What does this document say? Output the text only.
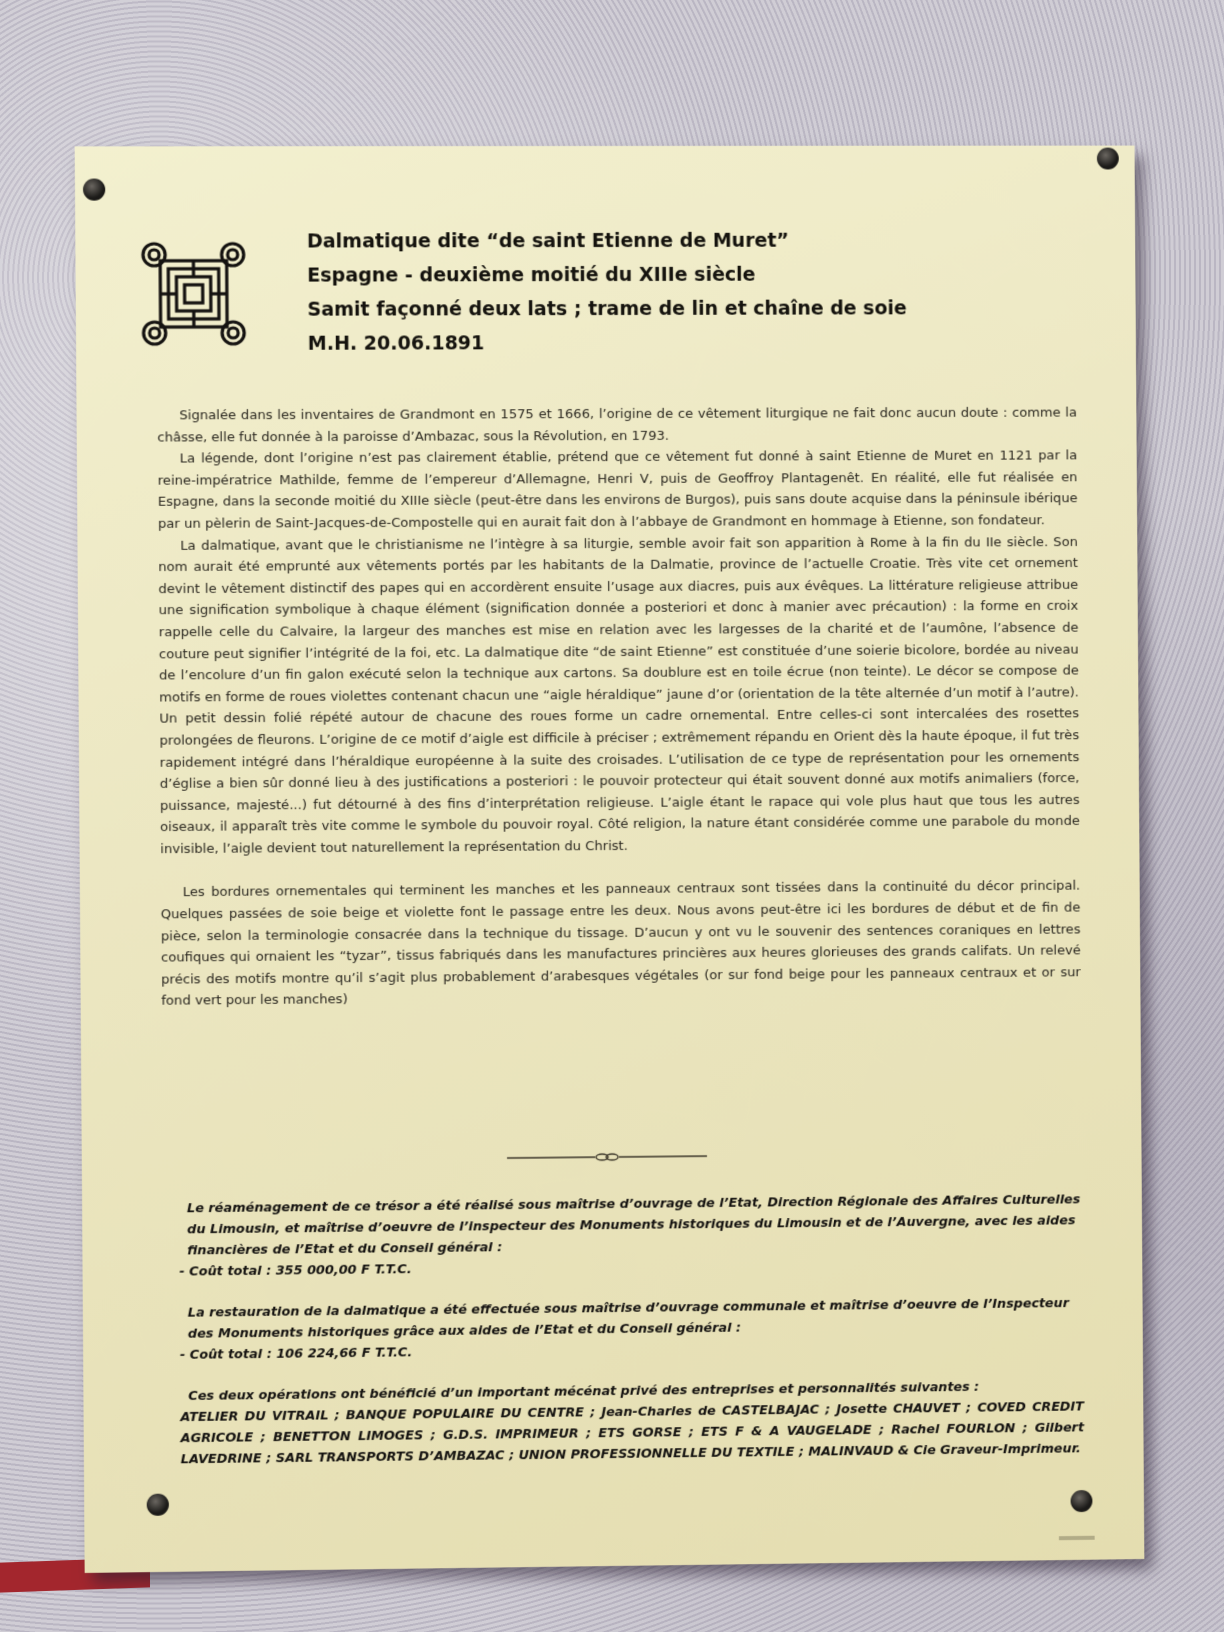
Dalmatique dite “de saint Etienne de Muret”
Espagne - deuxième moitié du XIIIe siècle
Samit façonné deux lats ; trame de lin et chaîne de soie
M.H. 20.06.1891

Signalée dans les inventaires de Grandmont en 1575 et 1666, l’origine de ce vêtement liturgique ne fait donc aucun doute : comme la châsse, elle fut donnée à la paroisse d’Ambazac, sous la Révolution, en 1793.

La légende, dont l’origine n’est pas clairement établie, prétend que ce vêtement fut donné à saint Etienne de Muret en 1121 par la reine-impératrice Mathilde, femme de l’empereur d’Allemagne, Henri V, puis de Geoffroy Plantagenêt. En réalité, elle fut réalisée en Espagne, dans la seconde moitié du XIIIe siècle (peut-être dans les environs de Burgos), puis sans doute acquise dans la péninsule ibérique par un pèlerin de Saint-Jacques-de-Compostelle qui en aurait fait don à l’abbaye de Grandmont en hommage à Etienne, son fondateur.

La dalmatique, avant que le christianisme ne l’intègre à sa liturgie, semble avoir fait son apparition à Rome à la fin du IIe siècle. Son nom aurait été emprunté aux vêtements portés par les habitants de la Dalmatie, province de l’actuelle Croatie. Très vite cet ornement devint le vêtement distinctif des papes qui en accordèrent ensuite l’usage aux diacres, puis aux évêques. La littérature religieuse attribue une signification symbolique à chaque élément (signification donnée a posteriori et donc à manier avec précaution) : la forme en croix rappelle celle du Calvaire, la largeur des manches est mise en relation avec les largesses de la charité et de l’aumône, l’absence de couture peut signifier l’intégrité de la foi, etc. La dalmatique dite “de saint Etienne” est constituée d’une soierie bicolore, bordée au niveau de l’encolure d’un fin galon exécuté selon la technique aux cartons. Sa doublure est en toile écrue (non teinte). Le décor se compose de motifs en forme de roues violettes contenant chacun une “aigle héraldique” jaune d’or (orientation de la tête alternée d’un motif à l’autre). Un petit dessin folié répété autour de chacune des roues forme un cadre ornemental. Entre celles-ci sont intercalées des rosettes prolongées de fleurons. L’origine de ce motif d’aigle est difficile à préciser ; extrêmement répandu en Orient dès la haute époque, il fut très rapidement intégré dans l’héraldique européenne à la suite des croisades. L’utilisation de ce type de représentation pour les ornements d’église a bien sûr donné lieu à des justifications a posteriori : le pouvoir protecteur qui était souvent donné aux motifs animaliers (force, puissance, majesté...) fut détourné à des fins d’interprétation religieuse. L’aigle étant le rapace qui vole plus haut que tous les autres oiseaux, il apparaît très vite comme le symbole du pouvoir royal. Côté religion, la nature étant considérée comme une parabole du monde invisible, l’aigle devient tout naturellement la représentation du Christ.

Les bordures ornementales qui terminent les manches et les panneaux centraux sont tissées dans la continuité du décor principal. Quelques passées de soie beige et violette font le passage entre les deux. Nous avons peut-être ici les bordures de début et de fin de pièce, selon la terminologie consacrée dans la technique du tissage. D’aucun y ont vu le souvenir des sentences coraniques en lettres coufiques qui ornaient les “tyzar”, tissus fabriqués dans les manufactures princières aux heures glorieuses des grands califats. Un relevé précis des motifs montre qu’il s’agit plus probablement d’arabesques végétales (or sur fond beige pour les panneaux centraux et or sur fond vert pour les manches)

Le réaménagement de ce trésor a été réalisé sous maîtrise d’ouvrage de l’Etat, Direction Régionale des Affaires Culturelles du Limousin, et maîtrise d’oeuvre de l’inspecteur des Monuments historiques du Limousin et de l’Auvergne, avec les aides financières de l’Etat et du Conseil général :

- Coût total : 355 000,00 F T.T.C.

La restauration de la dalmatique a été effectuée sous maîtrise d’ouvrage communale et maîtrise d’oeuvre de l’Inspecteur des Monuments historiques grâce aux aides de l’Etat et du Conseil général :

- Coût total : 106 224,66 F T.T.C.

Ces deux opérations ont bénéficié d’un important mécénat privé des entreprises et personnalités suivantes :

ATELIER DU VITRAIL ; BANQUE POPULAIRE DU CENTRE ; Jean-Charles de CASTELBAJAC ; Josette CHAUVET ; COVED CREDIT AGRICOLE ; BENETTON LIMOGES ; G.D.S. IMPRIMEUR ; ETS GORSE ; ETS F & A VAUGELADE ; Rachel FOURLON ; Gilbert LAVEDRINE ; SARL TRANSPORTS D’AMBAZAC ; UNION PROFESSIONNELLE DU TEXTILE ; MALINVAUD & Cie Graveur-Imprimeur.
